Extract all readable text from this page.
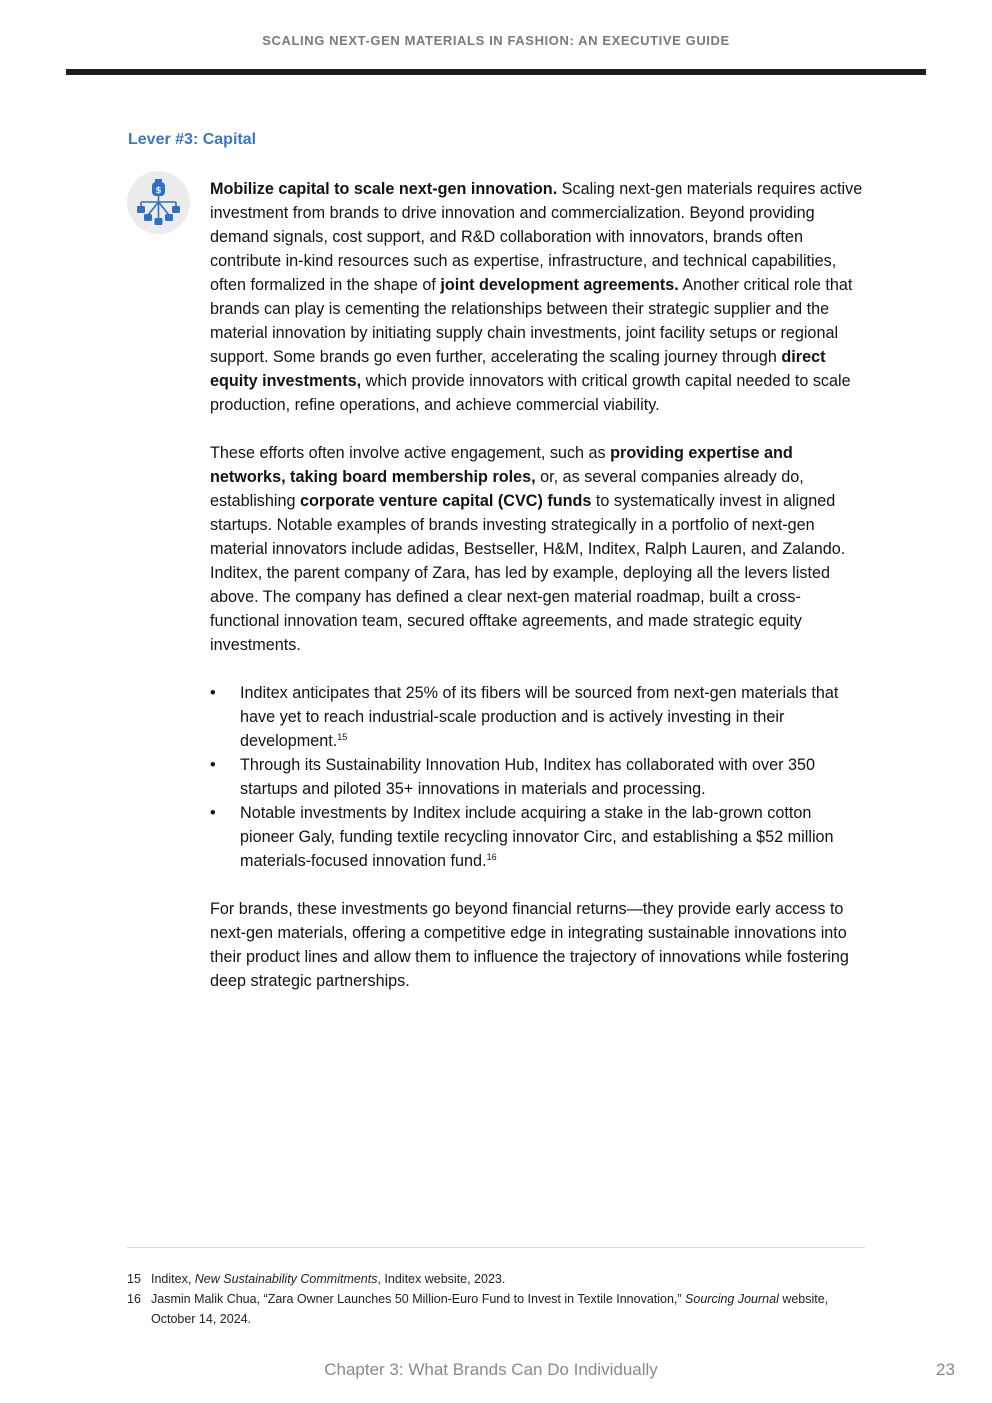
SCALING NEXT-GEN MATERIALS IN FASHION: AN EXECUTIVE GUIDE
Lever #3: Capital
$	Mobilize capital to scale next-gen innovation. Scaling next-gen materials requires active investment from brands to drive innovation and commercialization. Beyond providing demand signals, cost support, and R&D collaboration with innovators, brands often contribute in-kind resources such as expertise, infrastructure, and technical capabilities, often formalized in the shape of joint development agreements. Another critical role that brands can play is cementing the relationships between their strategic supplier and the material innovation by initiating supply chain investments, joint facility setups or regional support. Some brands go even further, accelerating the scaling journey through direct equity investments, which provide innovators with critical growth capital needed to scale production, refine operations, and achieve commercial viability.

These efforts often involve active engagement, such as providing expertise and networks, taking board membership roles, or, as several companies already do, establishing corporate venture capital (CVC) funds to systematically invest in aligned startups. Notable examples of brands investing strategically in a portfolio of next-gen material innovators include adidas, Bestseller, H&M, Inditex, Ralph Lauren, and Zalando. Inditex, the parent company of Zara, has led by example, deploying all the levers listed above. The company has defined a clear next-gen material roadmap, built a cross-functional innovation team, secured offtake agreements, and made strategic equity investments.

• Inditex anticipates that 25% of its fibers will be sourced from next-gen materials that have yet to reach industrial-scale production and is actively investing in their development.$^{15}$
• Through its Sustainability Innovation Hub, Inditex has collaborated with over 350 startups and piloted 35+ innovations in materials and processing.
• Notable investments by Inditex include acquiring a stake in the lab-grown cotton pioneer Galy, funding textile recycling innovator Circ, and establishing a $52 million materials-focused innovation fund.$^{16}$

For brands, these investments go beyond financial returns—they provide early access to next-gen materials, offering a competitive edge in integrating sustainable innovations into their product lines and allow them to influence the trajectory of innovations while fostering deep strategic partnerships.

15 Inditex, New Sustainability Commitments, Inditex website, 2023.
16 Jasmin Malik Chua, “Zara Owner Launches 50 Million-Euro Fund to Invest in Textile Innovation,” Sourcing Journal website, October 14, 2024.
Chapter 3: What Brands Can Do Individually	23
